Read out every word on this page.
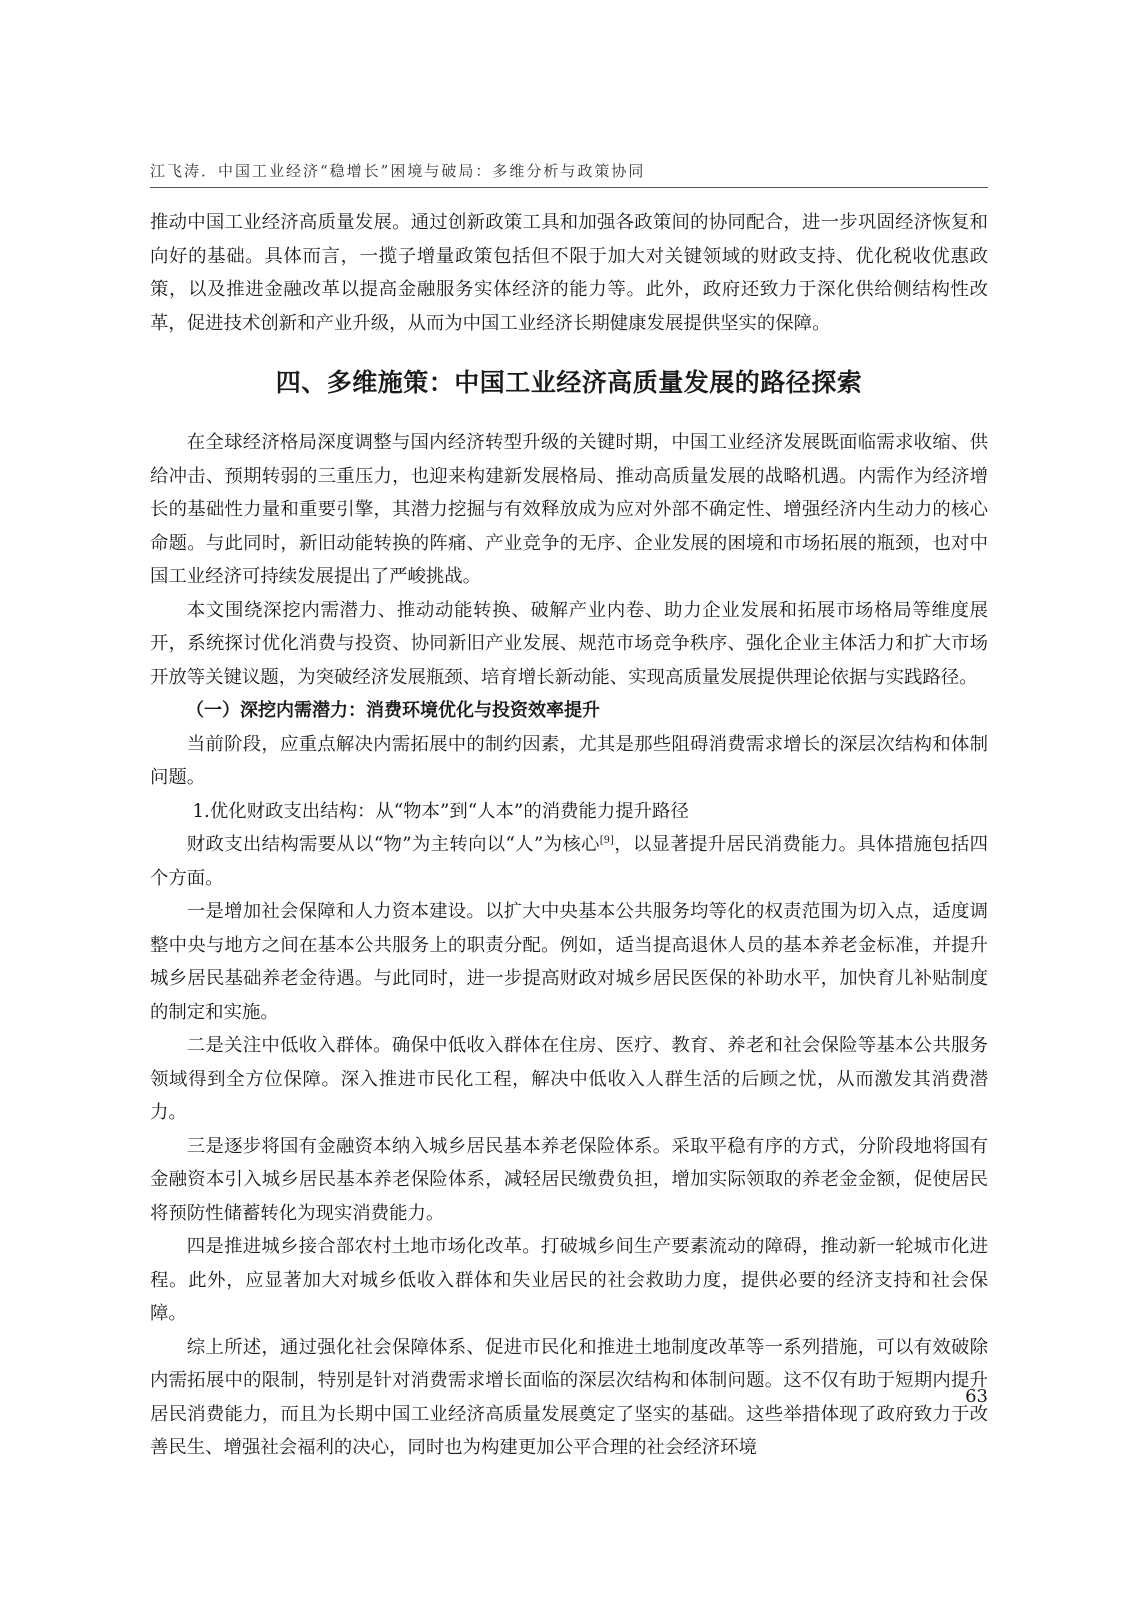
江飞涛．中国工业经济“稳增长”困境与破局：多维分析与政策协同

推动中国工业经济高质量发展。通过创新政策工具和加强各政策间的协同配合，进一步巩固经济恢复和向好的基础。具体而言，一揽子增量政策包括但不限于加大对关键领域的财政支持、优化税收优惠政策，以及推进金融改革以提高金融服务实体经济的能力等。此外，政府还致力于深化供给侧结构性改革，促进技术创新和产业升级，从而为中国工业经济长期健康发展提供坚实的保障。

四、多维施策：中国工业经济高质量发展的路径探索

在全球经济格局深度调整与国内经济转型升级的关键时期，中国工业经济发展既面临需求收缩、供给冲击、预期转弱的三重压力，也迎来构建新发展格局、推动高质量发展的战略机遇。内需作为经济增长的基础性力量和重要引擎，其潜力挖掘与有效释放成为应对外部不确定性、增强经济内生动力的核心命题。与此同时，新旧动能转换的阵痛、产业竞争的无序、企业发展的困境和市场拓展的瓶颈，也对中国工业经济可持续发展提出了严峻挑战。

本文围绕深挖内需潜力、推动动能转换、破解产业内卷、助力企业发展和拓展市场格局等维度展开，系统探讨优化消费与投资、协同新旧产业发展、规范市场竞争秩序、强化企业主体活力和扩大市场开放等关键议题，为突破经济发展瓶颈、培育增长新动能、实现高质量发展提供理论依据与实践路径。

（一）深挖内需潜力：消费环境优化与投资效率提升

当前阶段，应重点解决内需拓展中的制约因素，尤其是那些阻碍消费需求增长的深层次结构和体制问题。

1.优化财政支出结构：从“物本”到“人本”的消费能力提升路径

财政支出结构需要从以“物”为主转向以“人”为核心[9]，以显著提升居民消费能力。具体措施包括四个方面。

一是增加社会保障和人力资本建设。以扩大中央基本公共服务均等化的权责范围为切入点，适度调整中央与地方之间在基本公共服务上的职责分配。例如，适当提高退休人员的基本养老金标准，并提升城乡居民基础养老金待遇。与此同时，进一步提高财政对城乡居民医保的补助水平，加快育儿补贴制度的制定和实施。

二是关注中低收入群体。确保中低收入群体在住房、医疗、教育、养老和社会保险等基本公共服务领域得到全方位保障。深入推进市民化工程，解决中低收入人群生活的后顾之忧，从而激发其消费潜力。

三是逐步将国有金融资本纳入城乡居民基本养老保险体系。采取平稳有序的方式，分阶段地将国有金融资本引入城乡居民基本养老保险体系，减轻居民缴费负担，增加实际领取的养老金金额，促使居民将预防性储蓄转化为现实消费能力。

四是推进城乡接合部农村土地市场化改革。打破城乡间生产要素流动的障碍，推动新一轮城市化进程。此外，应显著加大对城乡低收入群体和失业居民的社会救助力度，提供必要的经济支持和社会保障。

综上所述，通过强化社会保障体系、促进市民化和推进土地制度改革等一系列措施，可以有效破除内需拓展中的限制，特别是针对消费需求增长面临的深层次结构和体制问题。这不仅有助于短期内提升居民消费能力，而且为长期中国工业经济高质量发展奠定了坚实的基础。这些举措体现了政府致力于改善民生、增强社会福利的决心，同时也为构建更加公平合理的社会经济环境

63
